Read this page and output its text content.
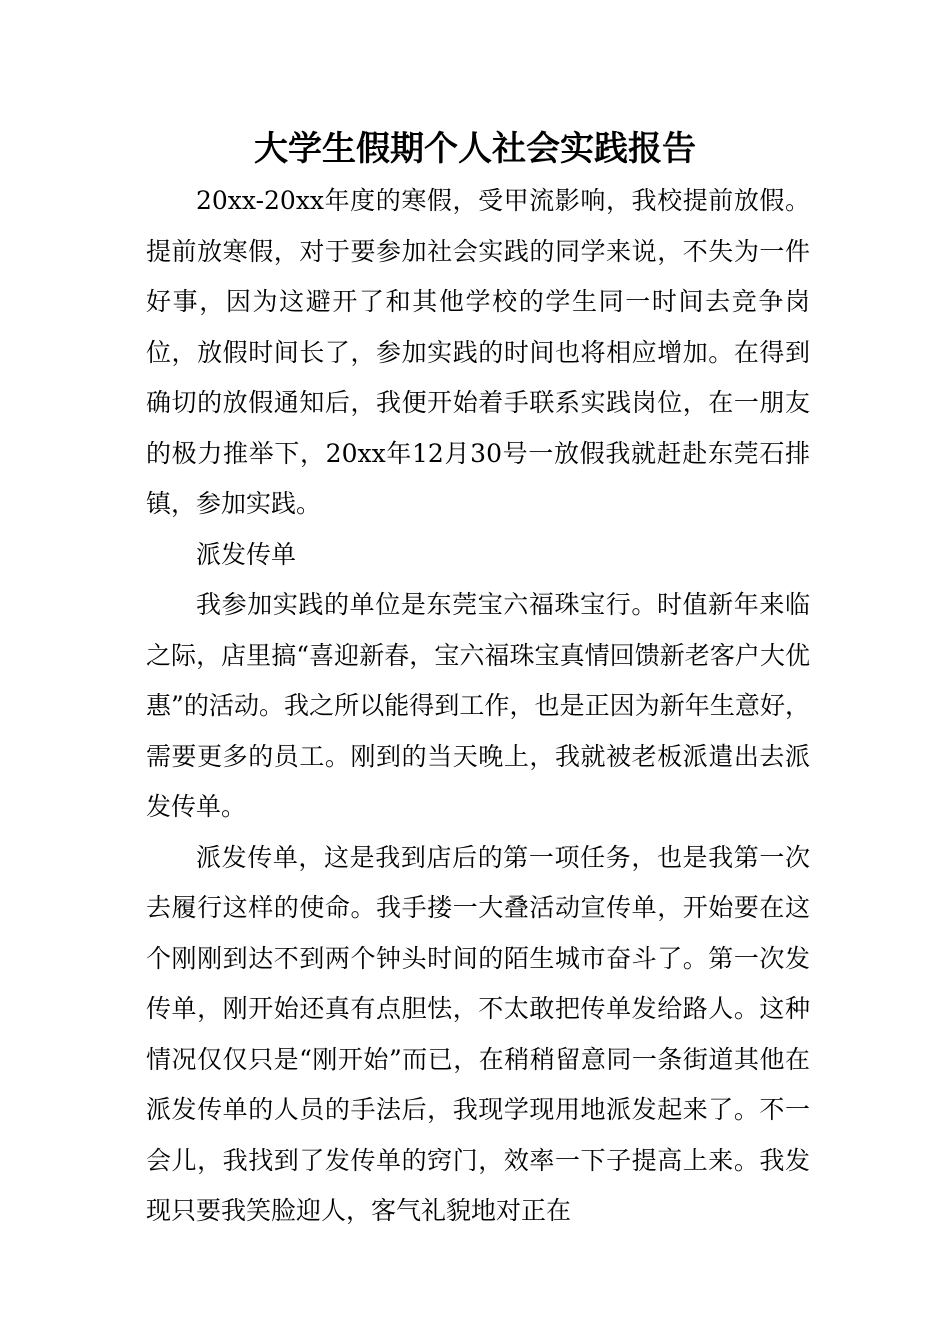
大学生假期个人社会实践报告

20xx-20xx年度的寒假，受甲流影响，我校提前放假。提前放寒假，对于要参加社会实践的同学来说，不失为一件好事，因为这避开了和其他学校的学生同一时间去竞争岗位，放假时间长了，参加实践的时间也将相应增加。在得到确切的放假通知后，我便开始着手联系实践岗位，在一朋友的极力推举下，20xx年12月30号一放假我就赶赴东莞石排镇，参加实践。

派发传单

我参加实践的单位是东莞宝六福珠宝行。时值新年来临之际，店里搞“喜迎新春，宝六福珠宝真情回馈新老客户大优惠”的活动。我之所以能得到工作，也是正因为新年生意好，需要更多的员工。刚到的当天晚上，我就被老板派遣出去派发传单。

派发传单，这是我到店后的第一项任务，也是我第一次去履行这样的使命。我手搂一大叠活动宣传单，开始要在这个刚刚到达不到两个钟头时间的陌生城市奋斗了。第一次发传单，刚开始还真有点胆怯，不太敢把传单发给路人。这种情况仅仅只是“刚开始”而已，在稍稍留意同一条街道其他在派发传单的人员的手法后，我现学现用地派发起来了。不一会儿，我找到了发传单的窍门，效率一下子提高上来。我发现只要我笑脸迎人，客气礼貌地对正在
